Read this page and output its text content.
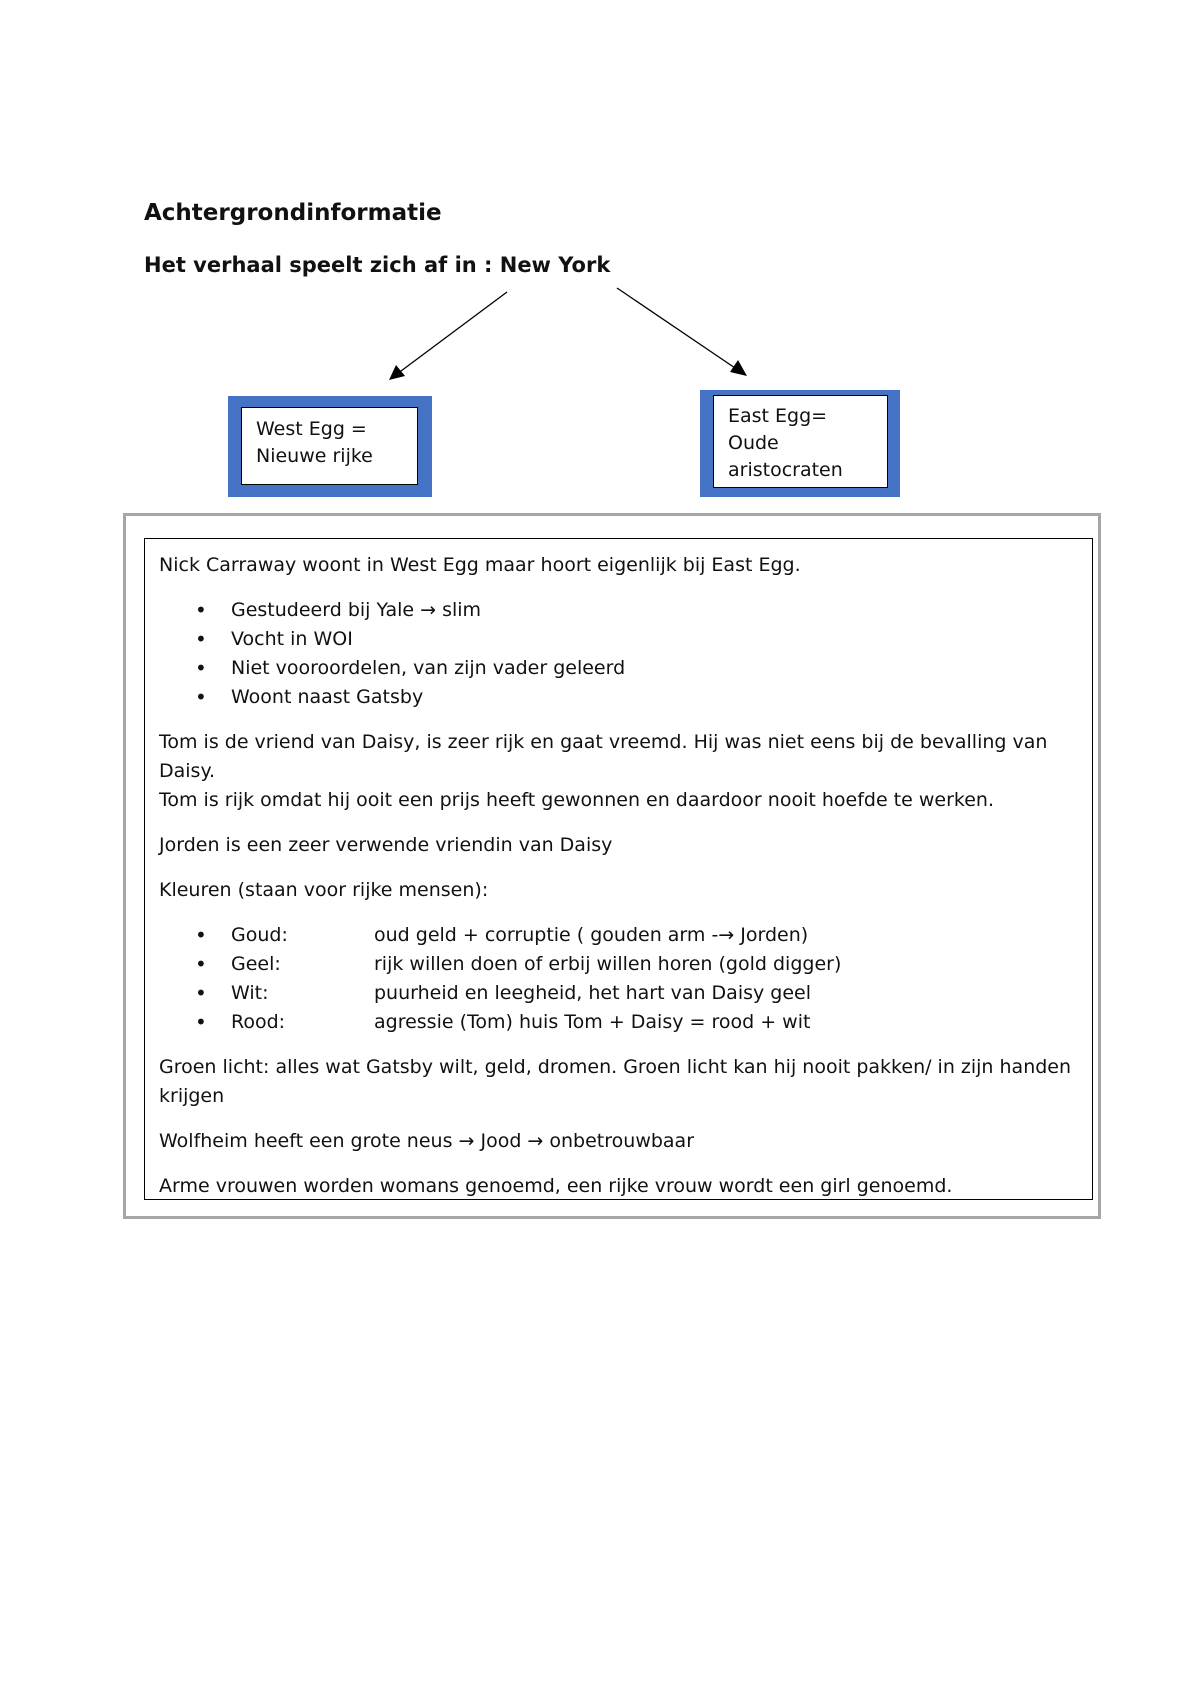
Achtergrondinformatie
Het verhaal speelt zich af in : New York
West Egg =
Nieuwe rijke
East Egg=
Oude
aristocraten

Nick Carraway woont in West Egg maar hoort eigenlijk bij East Egg.

• Gestudeerd bij Yale → slim
• Vocht in WOI
• Niet vooroordelen, van zijn vader geleerd
• Woont naast Gatsby

Tom is de vriend van Daisy, is zeer rijk en gaat vreemd. Hij was niet eens bij de bevalling van Daisy.

Tom is rijk omdat hij ooit een prijs heeft gewonnen en daardoor nooit hoefde te werken.

Jorden is een zeer verwende vriendin van Daisy

Kleuren (staan voor rijke mensen):

• Goud:	oud geld + corruptie ( gouden arm -→ Jorden)
• Geel:	rijk willen doen of erbij willen horen (gold digger)
• Wit:	puurheid en leegheid, het hart van Daisy geel
• Rood:	agressie (Tom) huis Tom + Daisy = rood + wit

Groen licht: alles wat Gatsby wilt, geld, dromen. Groen licht kan hij nooit pakken/ in zijn handen

krijgen

Wolfheim heeft een grote neus → Jood → onbetrouwbaar

Arme vrouwen worden womans genoemd, een rijke vrouw wordt een girl genoemd.
